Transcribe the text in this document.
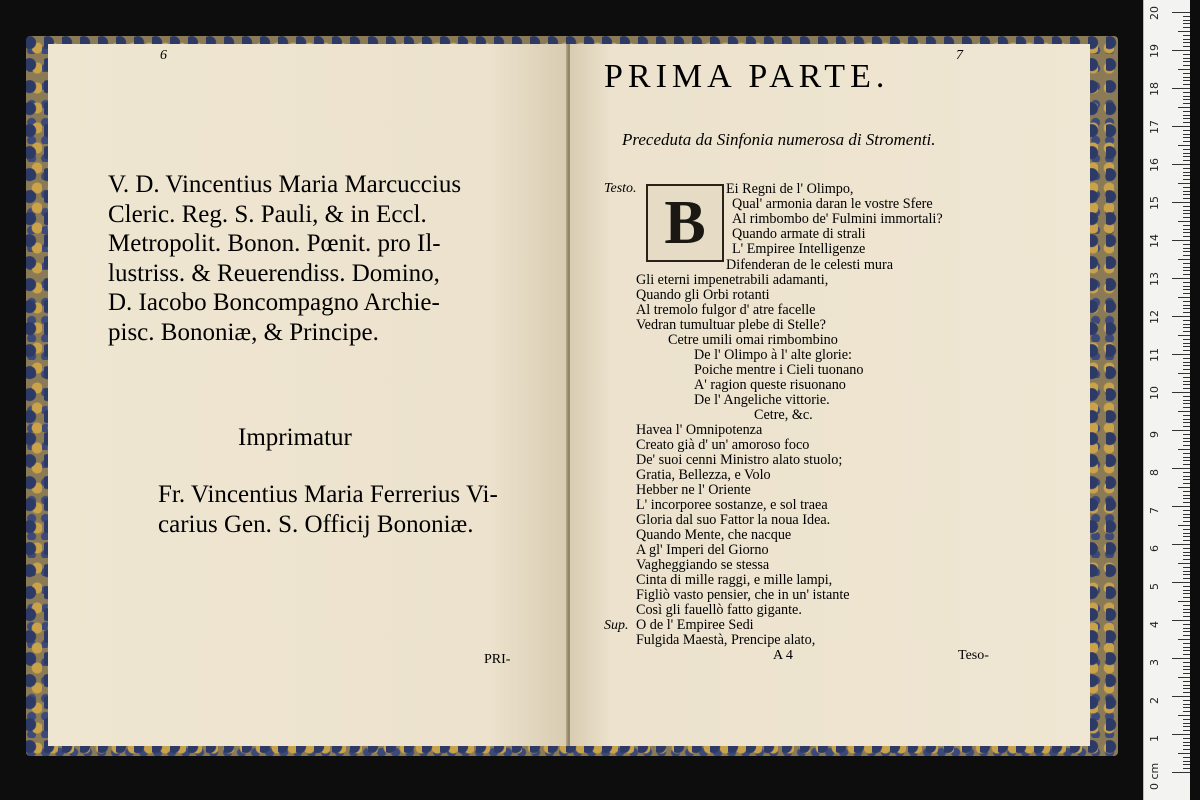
6
V. D. Vincentius Maria Marcuccius
Cleric. Reg. S. Pauli, & in Eccl.
Metropolit. Bonon. Pœnit. pro Il-
lustriss. & Reuerendiss. Domino,
D. Iacobo Boncompagno Archie-
pisc. Bononiæ, & Principe.
Imprimatur
Fr. Vincentius Maria Ferrerius Vi-
carius Gen. S. Officij Bononiæ.
PRI-
7
PRIMA PARTE.
Preceduta da Sinfonia numerosa di Stromenti.
Testo. B	Ei Regni de l' Olimpo,
Qual' armonia daran le vostre Sfere
Al rimbombo de' Fulmini immortali?
Quando armate di strali
L' Empiree Intelligenze
Difenderan de le celesti mura
Gli eterni impenetrabili adamanti,
Quando gli Orbi rotanti
Al tremolo fulgor d' atre facelle
Vedran tumultuar plebe di Stelle?
Cetre umili omai rimbombino
De l' Olimpo à l' alte glorie:
Poiche mentre i Cieli tuonano
A' ragion queste risuonano
De l' Angeliche vittorie.
Cetre, &c.
Havea l' Omnipotenza
Creato già d' un' amoroso foco
De' suoi cenni Ministro alato stuolo;
Gratia, Bellezza, e Volo
Hebber ne l' Oriente
L' incorporee sostanze, e sol traea
Gloria dal suo Fattor la noua Idea.
Quando Mente, che nacque
A gl' Imperi del Giorno
Vagheggiando se stessa
Cinta di mille raggi, e mille lampi,
Figliò vasto pensier, che in un' istante
Così gli fauellò fatto gigante.
O de l' Empiree Sedi
Fulgida Maestà, Prencipe alato,
Sup.
A 4	Teso-
0 cm
1
2
3
4
5
6
7
8
9
10
11
12
13
14
15
16
17
18
19
20
